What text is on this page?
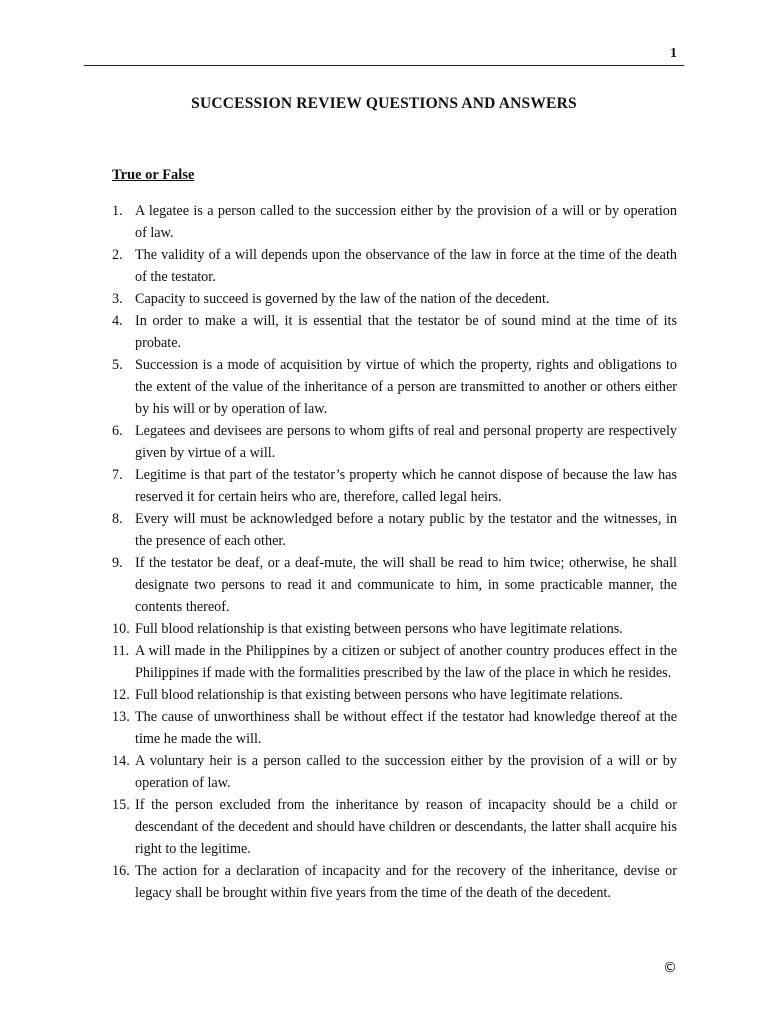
1
SUCCESSION REVIEW QUESTIONS AND ANSWERS
True or False
1. A legatee is a person called to the succession either by the provision of a will or by operation of law.
2. The validity of a will depends upon the observance of the law in force at the time of the death of the testator.
3. Capacity to succeed is governed by the law of the nation of the decedent.
4. In order to make a will, it is essential that the testator be of sound mind at the time of its probate.
5. Succession is a mode of acquisition by virtue of which the property, rights and obligations to the extent of the value of the inheritance of a person are transmitted to another or others either by his will or by operation of law.
6. Legatees and devisees are persons to whom gifts of real and personal property are respectively given by virtue of a will.
7. Legitime is that part of the testator’s property which he cannot dispose of because the law has reserved it for certain heirs who are, therefore, called legal heirs.
8. Every will must be acknowledged before a notary public by the testator and the witnesses, in the presence of each other.
9. If the testator be deaf, or a deaf-mute, the will shall be read to him twice; otherwise, he shall designate two persons to read it and communicate to him, in some practicable manner, the contents thereof.
10. Full blood relationship is that existing between persons who have legitimate relations.
11. A will made in the Philippines by a citizen or subject of another country produces effect in the Philippines if made with the formalities prescribed by the law of the place in which he resides.
12. Full blood relationship is that existing between persons who have legitimate relations.
13. The cause of unworthiness shall be without effect if the testator had knowledge thereof at the time he made the will.
14. A voluntary heir is a person called to the succession either by the provision of a will or by operation of law.
15. If the person excluded from the inheritance by reason of incapacity should be a child or descendant of the decedent and should have children or descendants, the latter shall acquire his right to the legitime.
16. The action for a declaration of incapacity and for the recovery of the inheritance, devise or legacy shall be brought within five years from the time of the death of the decedent.
©
